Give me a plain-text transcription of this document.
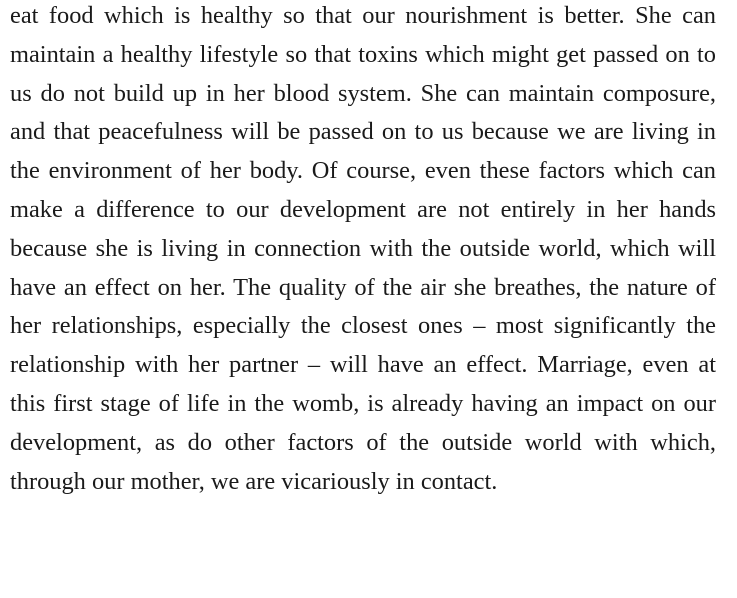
eat food which is healthy so that our nourishment is better. She can maintain a healthy lifestyle so that toxins which might get passed on to us do not build up in her blood system. She can maintain composure, and that peacefulness will be passed on to us because we are living in the environment of her body. Of course, even these factors which can make a difference to our development are not entirely in her hands because she is living in connection with the outside world, which will have an effect on her. The quality of the air she breathes, the nature of her relationships, especially the closest ones – most significantly the relationship with her partner – will have an effect. Marriage, even at this first stage of life in the womb, is already having an impact on our development, as do other factors of the outside world with which, through our mother, we are vicariously in contact.
